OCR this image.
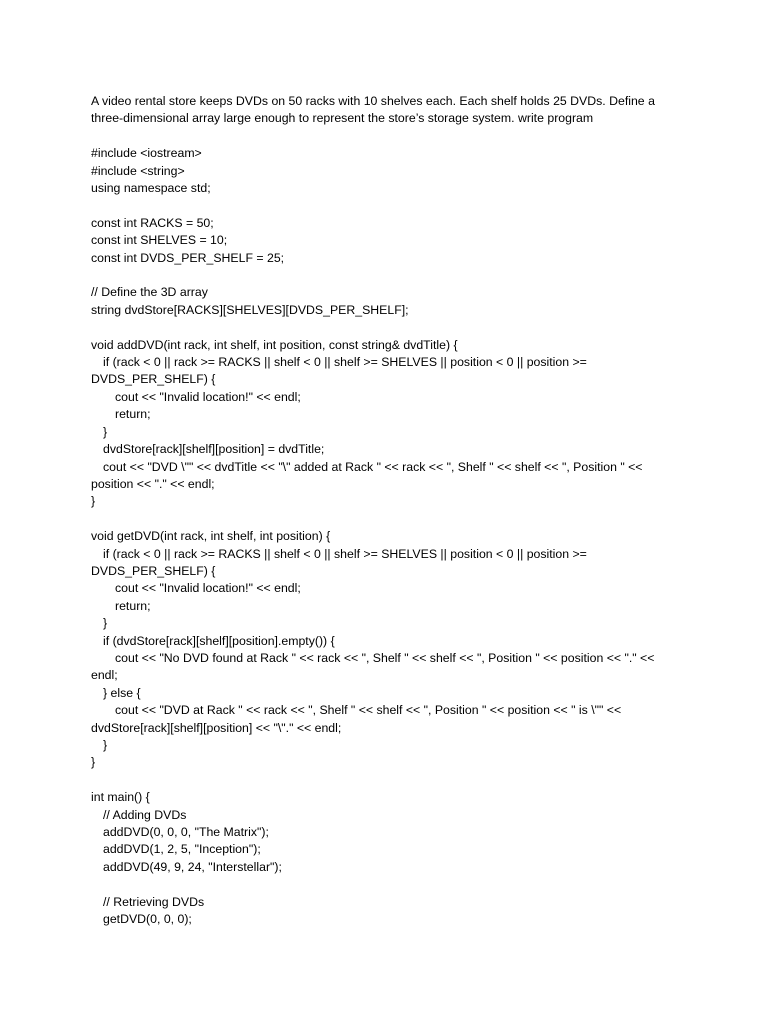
A video rental store keeps DVDs on 50 racks with 10 shelves each. Each shelf holds 25 DVDs. Define a three-dimensional array large enough to represent the store’s storage system. write program
#include <iostream>
#include <string>
using namespace std;

const int RACKS = 50;
const int SHELVES = 10;
const int DVDS_PER_SHELF = 25;

// Define the 3D array
string dvdStore[RACKS][SHELVES][DVDS_PER_SHELF];

void addDVD(int rack, int shelf, int position, const string& dvdTitle) {
if (rack < 0 || rack >= RACKS || shelf < 0 || shelf >= SHELVES || position < 0 || position >=
DVDS_PER_SHELF) {
cout << "Invalid location!" << endl;
return;
}
dvdStore[rack][shelf][position] = dvdTitle;
cout << "DVD \"" << dvdTitle << "\" added at Rack " << rack << ", Shelf " << shelf << ", Position " <<
position << "." << endl;
}

void getDVD(int rack, int shelf, int position) {
if (rack < 0 || rack >= RACKS || shelf < 0 || shelf >= SHELVES || position < 0 || position >=
DVDS_PER_SHELF) {
cout << "Invalid location!" << endl;
return;
}
if (dvdStore[rack][shelf][position].empty()) {
cout << "No DVD found at Rack " << rack << ", Shelf " << shelf << ", Position " << position << "." <<
endl;
} else {
cout << "DVD at Rack " << rack << ", Shelf " << shelf << ", Position " << position << " is \"" <<
dvdStore[rack][shelf][position] << "\"." << endl;
}
}

int main() {
// Adding DVDs
addDVD(0, 0, 0, "The Matrix");
addDVD(1, 2, 5, "Inception");
addDVD(49, 9, 24, "Interstellar");

// Retrieving DVDs
getDVD(0, 0, 0);
